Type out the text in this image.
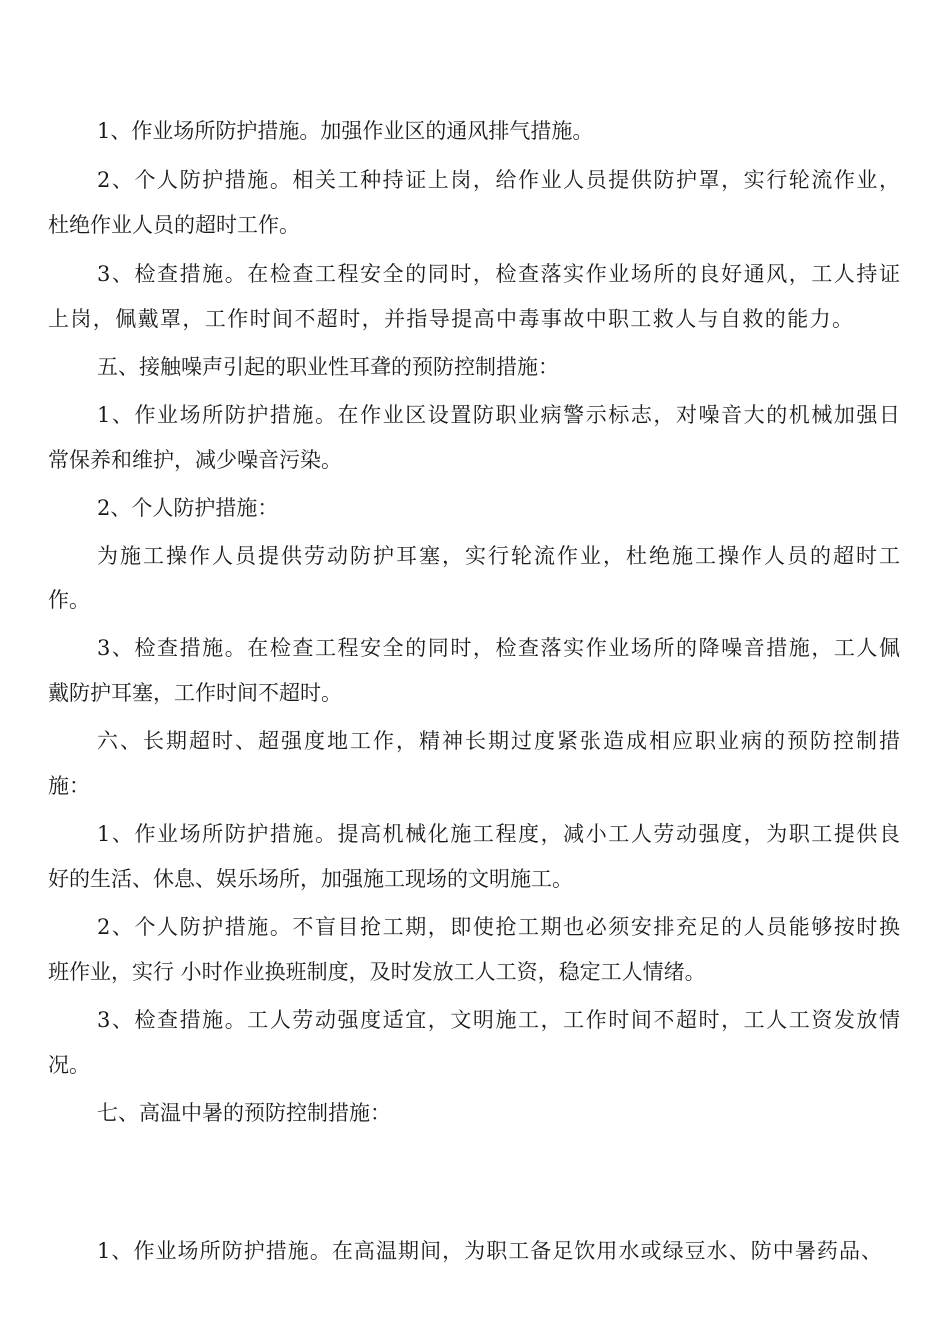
1、作业场所防护措施。加强作业区的通风排气措施。
2、个人防护措施。相关工种持证上岗，给作业人员提供防护罩，实行轮流作业，
杜绝作业人员的超时工作。
3、检查措施。在检查工程安全的同时，检查落实作业场所的良好通风，工人持证
上岗，佩戴罩，工作时间不超时，并指导提高中毒事故中职工救人与自救的能力。
五、接触噪声引起的职业性耳聋的预防控制措施：
1、作业场所防护措施。在作业区设置防职业病警示标志，对噪音大的机械加强日
常保养和维护，减少噪音污染。
2、个人防护措施：
为施工操作人员提供劳动防护耳塞，实行轮流作业，杜绝施工操作人员的超时工
作。
3、检查措施。在检查工程安全的同时，检查落实作业场所的降噪音措施，工人佩
戴防护耳塞，工作时间不超时。
六、长期超时、超强度地工作，精神长期过度紧张造成相应职业病的预防控制措
施：
1、作业场所防护措施。提高机械化施工程度，减小工人劳动强度，为职工提供良
好的生活、休息、娱乐场所，加强施工现场的文明施工。
2、个人防护措施。不盲目抢工期，即使抢工期也必须安排充足的人员能够按时换
班作业，实行 小时作业换班制度，及时发放工人工资，稳定工人情绪。
3、检查措施。工人劳动强度适宜，文明施工，工作时间不超时，工人工资发放情
况。
七、高温中暑的预防控制措施：
1、作业场所防护措施。在高温期间，为职工备足饮用水或绿豆水、防中暑药品、
